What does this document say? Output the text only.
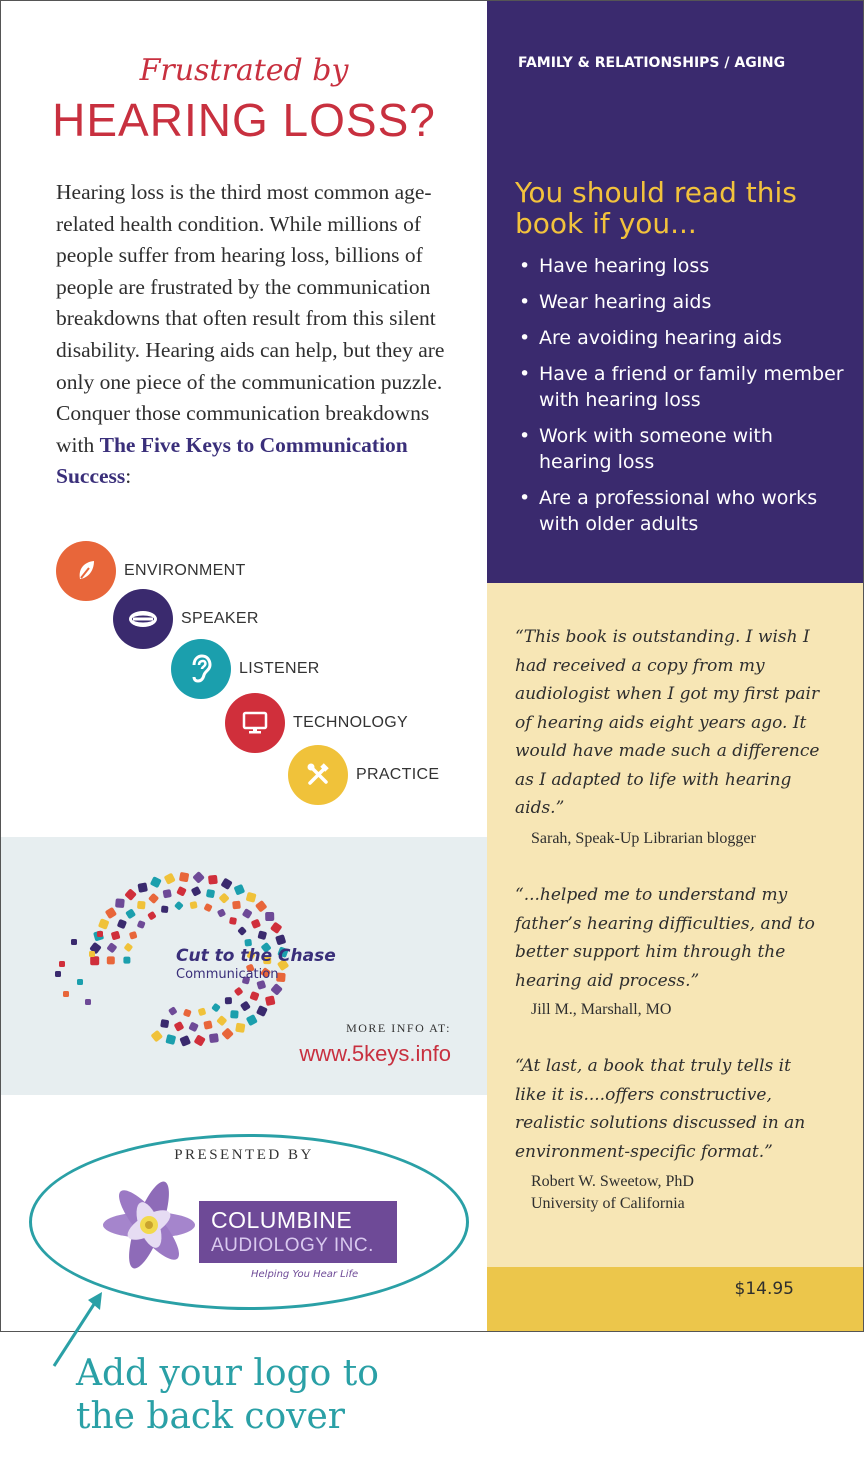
Frustrated by
HEARING LOSS?

Hearing loss is the third most common age-related health condition. While millions of people suffer from hearing loss, billions of people are frustrated by the communication breakdowns that often result from this silent disability. Hearing aids can help, but they are only one piece of the communication puzzle. Conquer those communication breakdowns with The Five Keys to Communication Success:

ENVIRONMENT
SPEAKER
LISTENER
TECHNOLOGY
PRACTICE
Cut to the Chase
Communication
MORE INFO AT:
www.5keys.info
PRESENTED BY
COLUMBINE
AUDIOLOGY INC.
Helping You Hear Life
FAMILY & RELATIONSHIPS / AGING
You should read this book if you...
• Have hearing loss
• Wear hearing aids
• Are avoiding hearing aids
• Have a friend or family member with hearing loss
• Work with someone with hearing loss
• Are a professional who works with older adults
“This book is outstanding. I wish I had received a copy from my audiologist when I got my first pair of hearing aids eight years ago. It would have made such a difference as I adapted to life with hearing aids.”
Sarah, Speak-Up Librarian blogger
“...helped me to understand my father’s hearing difficulties, and to better support him through the hearing aid process.”
Jill M., Marshall, MO
“At last, a book that truly tells it like it is....offers constructive, realistic solutions discussed in an environment-specific format.”
Robert W. Sweetow, PhD
University of California
$14.95
Add your logo to
the back cover
